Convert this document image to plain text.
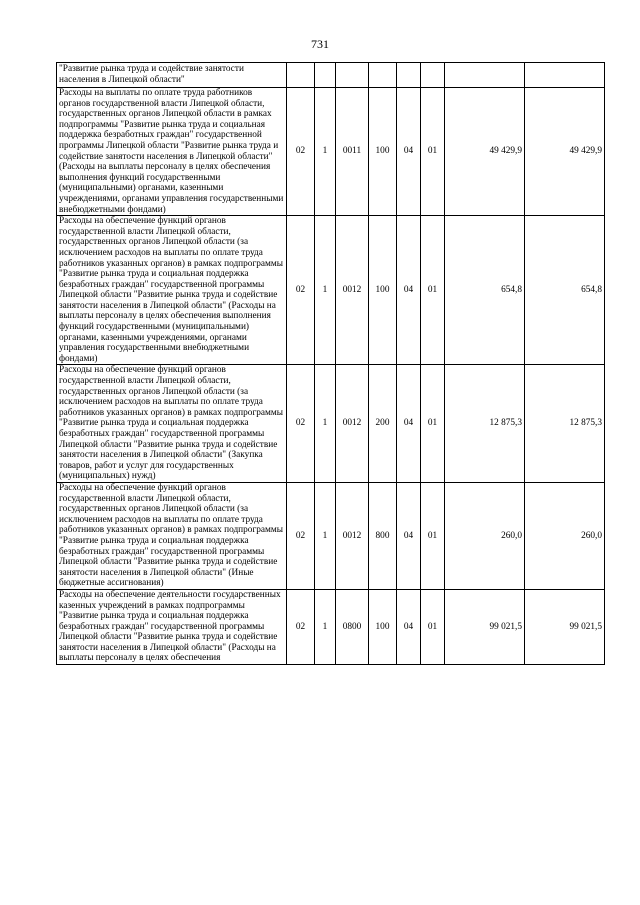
731
"Развитие рынка труда и содействие занятости населения в Липецкой области"								
Расходы на выплаты по оплате труда работников органов государственной власти Липецкой области, государственных органов Липецкой области в рамках подпрограммы "Развитие рынка труда и социальная поддержка безработных граждан" государственной программы Липецкой области "Развитие рынка труда и содействие занятости населения в Липецкой области" (Расходы на выплаты персоналу в целях обеспечения выполнения функций государственными (муниципальными) органами, казенными учреждениями, органами управления государственными внебюджетными фондами)	02	1	0011	100	04	01	49 429,9	49 429,9
Расходы на обеспечение функций органов государственной власти Липецкой области, государственных органов Липецкой области (за исключением расходов на выплаты по оплате труда работников указанных органов) в рамках подпрограммы "Развитие рынка труда и социальная поддержка безработных граждан" государственной программы Липецкой области "Развитие рынка труда и содействие занятости населения в Липецкой области" (Расходы на выплаты персоналу в целях обеспечения выполнения функций государственными (муниципальными) органами, казенными учреждениями, органами управления государственными внебюджетными фондами)	02	1	0012	100	04	01	654,8	654,8
Расходы на обеспечение функций органов государственной власти Липецкой области, государственных органов Липецкой области (за исключением расходов на выплаты по оплате труда работников указанных органов) в рамках подпрограммы "Развитие рынка труда и социальная поддержка безработных граждан" государственной программы Липецкой области "Развитие рынка труда и содействие занятости населения в Липецкой области" (Закупка товаров, работ и услуг для государственных (муниципальных) нужд)	02	1	0012	200	04	01	12 875,3	12 875,3
Расходы на обеспечение функций органов государственной власти Липецкой области, государственных органов Липецкой области (за исключением расходов на выплаты по оплате труда работников указанных органов) в рамках подпрограммы "Развитие рынка труда и социальная поддержка безработных граждан" государственной программы Липецкой области "Развитие рынка труда и содействие занятости населения в Липецкой области" (Иные бюджетные ассигнования)	02	1	0012	800	04	01	260,0	260,0
Расходы на обеспечение деятельности государственных казенных учреждений в рамках подпрограммы "Развитие рынка труда и социальная поддержка безработных граждан" государственной программы Липецкой области "Развитие рынка труда и содействие занятости населения в Липецкой области" (Расходы на выплаты персоналу в целях обеспечения	02	1	0800	100	04	01	99 021,5	99 021,5
